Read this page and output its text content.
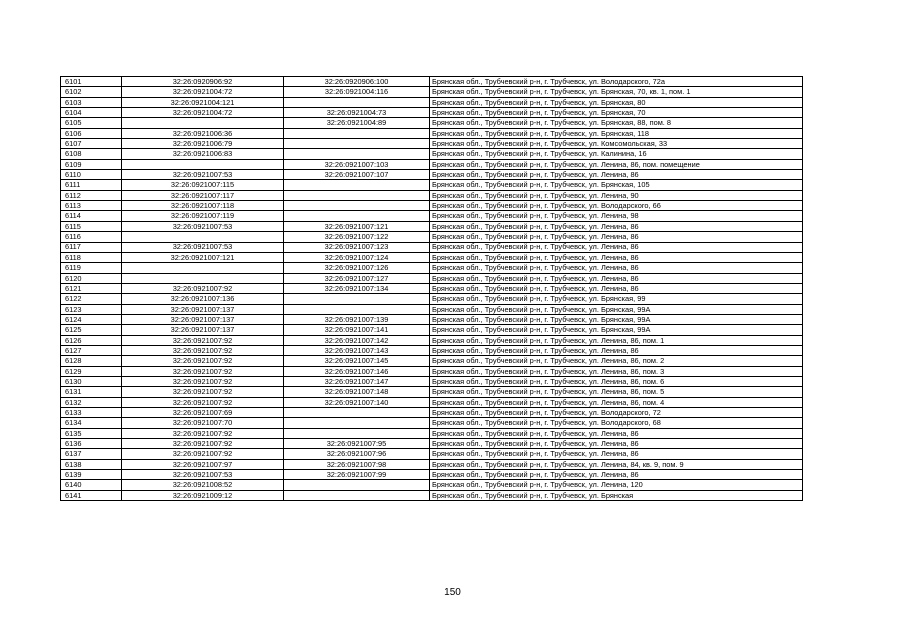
6101	32:26:0920906:92	32:26:0920906:100	Брянская обл., Трубчевский р-н, г. Трубчевск, ул. Володарского, 72а
6102	32:26:0921004:72	32:26:0921004:116	Брянская обл., Трубчевский р-н, г. Трубчевск, ул. Брянская, 70, кв. 1, пом. 1
6103	32:26:0921004:121		Брянская обл., Трубчевский р-н, г. Трубчевск, ул. Брянская, 80
6104	32:26:0921004:72	32:26:0921004:73	Брянская обл., Трубчевский р-н, г. Трубчевск, ул. Брянская, 70
6105		32:26:0921004:89	Брянская обл., Трубчевский р-н, г. Трубчевск, ул. Брянская, 88, пом. 8
6106	32:26:0921006:36		Брянская обл., Трубчевский р-н, г. Трубчевск, ул. Брянская, 118
6107	32:26:0921006:79		Брянская обл., Трубчевский р-н, г. Трубчевск, ул. Комсомольская, 33
6108	32:26:0921006:83		Брянская обл., Трубчевский р-н, г. Трубчевск, ул. Калинина, 16
6109		32:26:0921007:103	Брянская обл., Трубчевский р-н, г. Трубчевск, ул. Ленина, 86, пом. помещение
6110	32:26:0921007:53	32:26:0921007:107	Брянская обл., Трубчевский р-н, г. Трубчевск, ул. Ленина, 86
6111	32:26:0921007:115		Брянская обл., Трубчевский р-н, г. Трубчевск, ул. Брянская, 105
6112	32:26:0921007:117		Брянская обл., Трубчевский р-н, г. Трубчевск, ул. Ленина, 90
6113	32:26:0921007:118		Брянская обл., Трубчевский р-н, г. Трубчевск, ул. Володарского, 66
6114	32:26:0921007:119		Брянская обл., Трубчевский р-н, г. Трубчевск, ул. Ленина, 98
6115	32:26:0921007:53	32:26:0921007:121	Брянская обл., Трубчевский р-н, г. Трубчевск, ул. Ленина, 86
6116		32:26:0921007:122	Брянская обл., Трубчевский р-н, г. Трубчевск, ул. Ленина, 86
6117	32:26:0921007:53	32:26:0921007:123	Брянская обл., Трубчевский р-н, г. Трубчевск, ул. Ленина, 86
6118	32:26:0921007:121	32:26:0921007:124	Брянская обл., Трубчевский р-н, г. Трубчевск, ул. Ленина, 86
6119		32:26:0921007:126	Брянская обл., Трубчевский р-н, г. Трубчевск, ул. Ленина, 86
6120		32:26:0921007:127	Брянская обл., Трубчевский р-н, г. Трубчевск, ул. Ленина, 86
6121	32:26:0921007:92	32:26:0921007:134	Брянская обл., Трубчевский р-н, г. Трубчевск, ул. Ленина, 86
6122	32:26:0921007:136		Брянская обл., Трубчевский р-н, г. Трубчевск, ул. Брянская, 99
6123	32:26:0921007:137		Брянская обл., Трубчевский р-н, г. Трубчевск, ул. Брянская, 99А
6124	32:26:0921007:137	32:26:0921007:139	Брянская обл., Трубчевский р-н, г. Трубчевск, ул. Брянская, 99А
6125	32:26:0921007:137	32:26:0921007:141	Брянская обл., Трубчевский р-н, г. Трубчевск, ул. Брянская, 99А
6126	32:26:0921007:92	32:26:0921007:142	Брянская обл., Трубчевский р-н, г. Трубчевск, ул. Ленина, 86, пом. 1
6127	32:26:0921007:92	32:26:0921007:143	Брянская обл., Трубчевский р-н, г. Трубчевск, ул. Ленина, 86
6128	32:26:0921007:92	32:26:0921007:145	Брянская обл., Трубчевский р-н, г. Трубчевск, ул. Ленина, 86, пом. 2
6129	32:26:0921007:92	32:26:0921007:146	Брянская обл., Трубчевский р-н, г. Трубчевск, ул. Ленина, 86, пом. 3
6130	32:26:0921007:92	32:26:0921007:147	Брянская обл., Трубчевский р-н, г. Трубчевск, ул. Ленина, 86, пом. 6
6131	32:26:0921007:92	32:26:0921007:148	Брянская обл., Трубчевский р-н, г. Трубчевск, ул. Ленина, 86, пом. 5
6132	32:26:0921007:92	32:26:0921007:140	Брянская обл., Трубчевский р-н, г. Трубчевск, ул. Ленина, 86, пом. 4
6133	32:26:0921007:69		Брянская обл., Трубчевский р-н, г. Трубчевск, ул. Володарского, 72
6134	32:26:0921007:70		Брянская обл., Трубчевский р-н, г. Трубчевск, ул. Володарского, 68
6135	32:26:0921007:92		Брянская обл., Трубчевский р-н, г. Трубчевск, ул. Ленина, 86
6136	32:26:0921007:92	32:26:0921007:95	Брянская обл., Трубчевский р-н, г. Трубчевск, ул. Ленина, 86
6137	32:26:0921007:92	32:26:0921007:96	Брянская обл., Трубчевский р-н, г. Трубчевск, ул. Ленина, 86
6138	32:26:0921007:97	32:26:0921007:98	Брянская обл., Трубчевский р-н, г. Трубчевск, ул. Ленина, 84, кв. 9, пом. 9
6139	32:26:0921007:53	32:26:0921007:99	Брянская обл., Трубчевский р-н, г. Трубчевск, ул. Ленина, 86
6140	32:26:0921008:52		Брянская обл., Трубчевский р-н, г. Трубчевск, ул. Ленина, 120
6141	32:26:0921009:12		Брянская обл., Трубчевский р-н, г. Трубчевск, ул. Брянская
150
